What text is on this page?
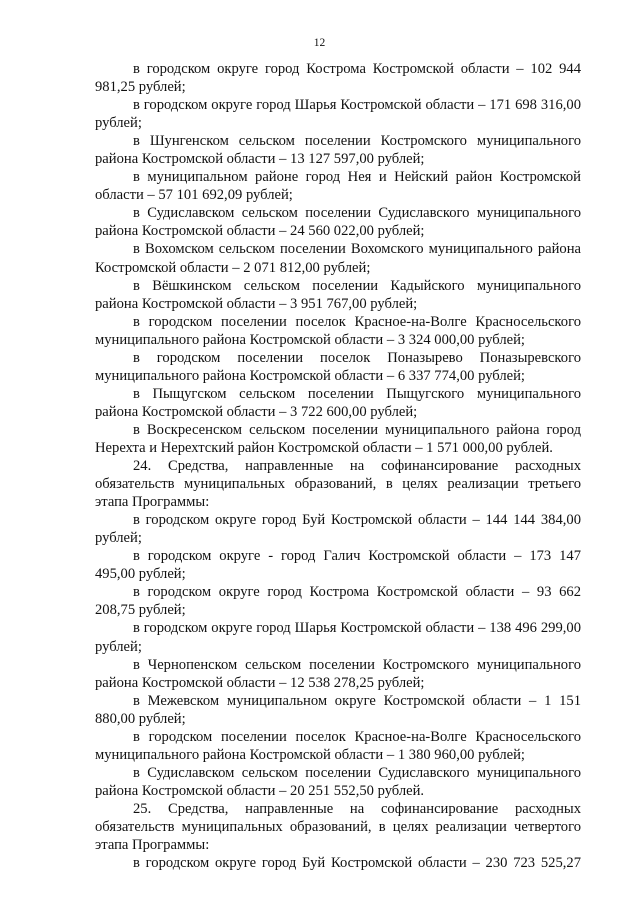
12

в городском округе город Кострома Костромской области – 102 944 981,25 рублей;

в городском округе город Шарья Костромской области – 171 698 316,00 рублей;

в Шунгенском сельском поселении Костромского муниципального района Костромской области – 13 127 597,00 рублей;

в муниципальном районе город Нея и Нейский район Костромской области – 57 101 692,09 рублей;

в Судиславском сельском поселении Судиславского муниципального района Костромской области – 24 560 022,00 рублей;

в Вохомском сельском поселении Вохомского муниципального района Костромской области – 2 071 812,00 рублей;

в Вёшкинском сельском поселении Кадыйского муниципального района Костромской области – 3 951 767,00 рублей;

в городском поселении поселок Красное-на-Волге Красносельского муниципального района Костромской области – 3 324 000,00 рублей;

в городском поселении поселок Поназырево Поназыревского муниципального района Костромской области – 6 337 774,00 рублей;

в Пыщугском сельском поселении Пыщугского муниципального района Костромской области – 3 722 600,00 рублей;

в Воскресенском сельском поселении муниципального района город Нерехта и Нерехтский район Костромской области – 1 571 000,00 рублей.

24. Средства, направленные на софинансирование расходных обязательств муниципальных образований, в целях реализации третьего этапа Программы:

в городском округе город Буй Костромской области – 144 144 384,00 рублей;

в городском округе - город Галич Костромской области – 173 147 495,00 рублей;

в городском округе город Кострома Костромской области – 93 662 208,75 рублей;

в городском округе город Шарья Костромской области – 138 496 299,00 рублей;

в Чернопенском сельском поселении Костромского муниципального района Костромской области – 12 538 278,25 рублей;

в Межевском муниципальном округе Костромской области – 1 151 880,00 рублей;

в городском поселении поселок Красное-на-Волге Красносельского муниципального района Костромской области – 1 380 960,00 рублей;

в Судиславском сельском поселении Судиславского муниципального района Костромской области – 20 251 552,50 рублей.

25. Средства, направленные на софинансирование расходных обязательств муниципальных образований, в целях реализации четвертого этапа Программы:

в городском округе город Буй Костромской области – 230 723 525,27
